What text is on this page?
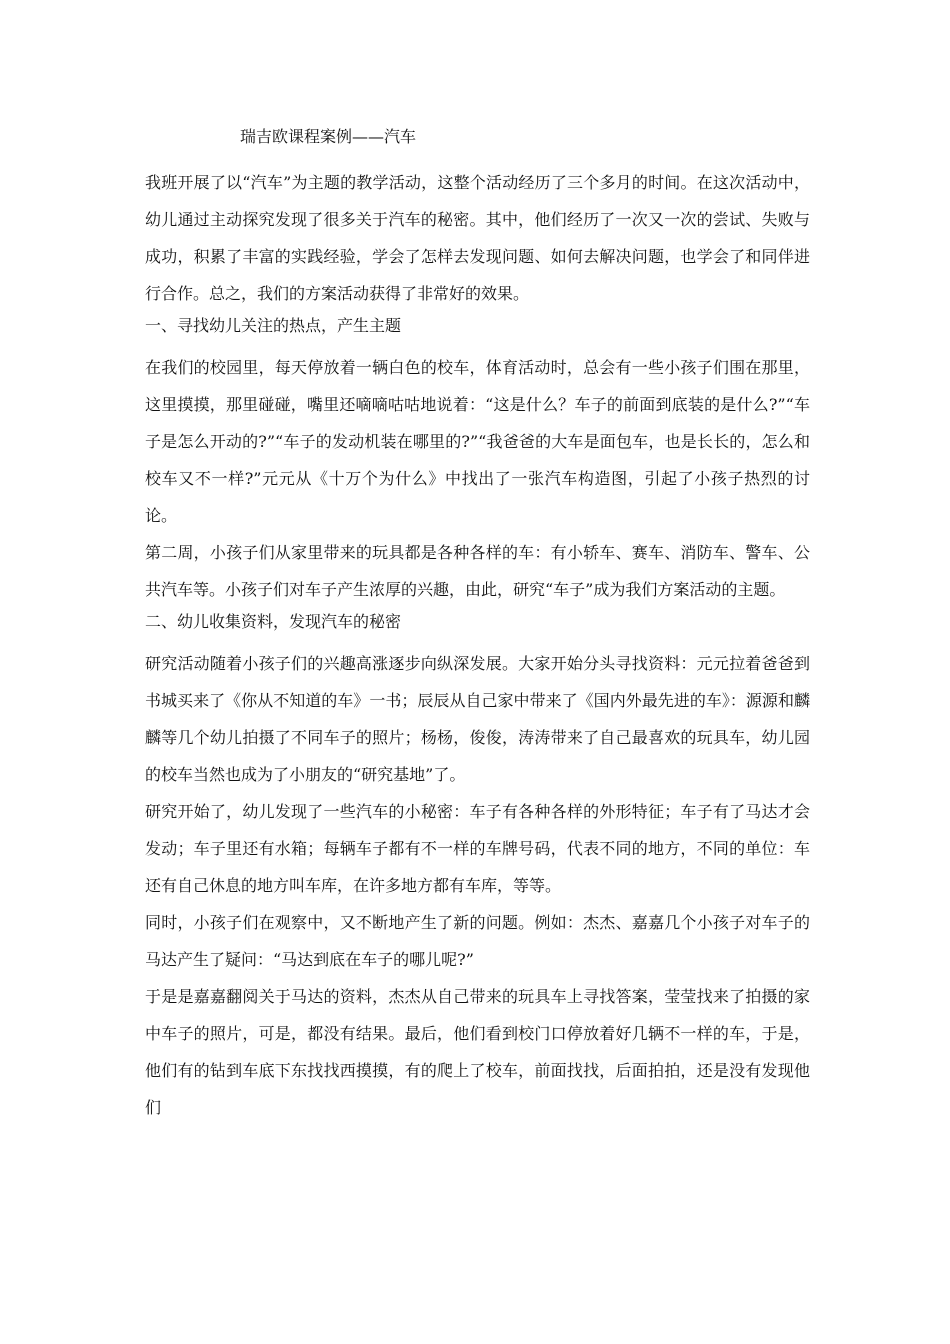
瑞吉欧课程案例——汽车

我班开展了以“汽车”为主题的教学活动，这整个活动经历了三个多月的时间。在这次活动中，幼儿通过主动探究发现了很多关于汽车的秘密。其中，他们经历了一次又一次的尝试、失败与成功，积累了丰富的实践经验，学会了怎样去发现问题、如何去解决问题，也学会了和同伴进行合作。总之，我们的方案活动获得了非常好的效果。

一、寻找幼儿关注的热点，产生主题

在我们的校园里，每天停放着一辆白色的校车，体育活动时，总会有一些小孩子们围在那里，这里摸摸，那里碰碰，嘴里还嘀嘀咕咕地说着：“这是什么？车子的前面到底装的是什么?”“车子是怎么开动的?”“车子的发动机装在哪里的?”“我爸爸的大车是面包车，也是长长的，怎么和校车又不一样?”元元从《十万个为什么》中找出了一张汽车构造图，引起了小孩子热烈的讨论。

第二周，小孩子们从家里带来的玩具都是各种各样的车：有小轿车、赛车、消防车、警车、公共汽车等。小孩子们对车子产生浓厚的兴趣，由此，研究“车子”成为我们方案活动的主题。

二、幼儿收集资料，发现汽车的秘密

研究活动随着小孩子们的兴趣高涨逐步向纵深发展。大家开始分头寻找资料：元元拉着爸爸到书城买来了《你从不知道的车》一书；辰辰从自己家中带来了《国内外最先进的车》：源源和麟麟等几个幼儿拍摄了不同车子的照片；杨杨，俊俊，涛涛带来了自己最喜欢的玩具车，幼儿园的校车当然也成为了小朋友的“研究基地”了。

研究开始了，幼儿发现了一些汽车的小秘密：车子有各种各样的外形特征；车子有了马达才会发动；车子里还有水箱；每辆车子都有不一样的车牌号码，代表不同的地方，不同的单位：车还有自己休息的地方叫车库，在许多地方都有车库，等等。

同时，小孩子们在观察中，又不断地产生了新的问题。例如：杰杰、嘉嘉几个小孩子对车子的马达产生了疑问：“马达到底在车子的哪儿呢?”

于是是嘉嘉翻阅关于马达的资料，杰杰从自己带来的玩具车上寻找答案，莹莹找来了拍摄的家中车子的照片，可是，都没有结果。最后，他们看到校门口停放着好几辆不一样的车，于是，他们有的钻到车底下东找找西摸摸，有的爬上了校车，前面找找，后面拍拍，还是没有发现他们
